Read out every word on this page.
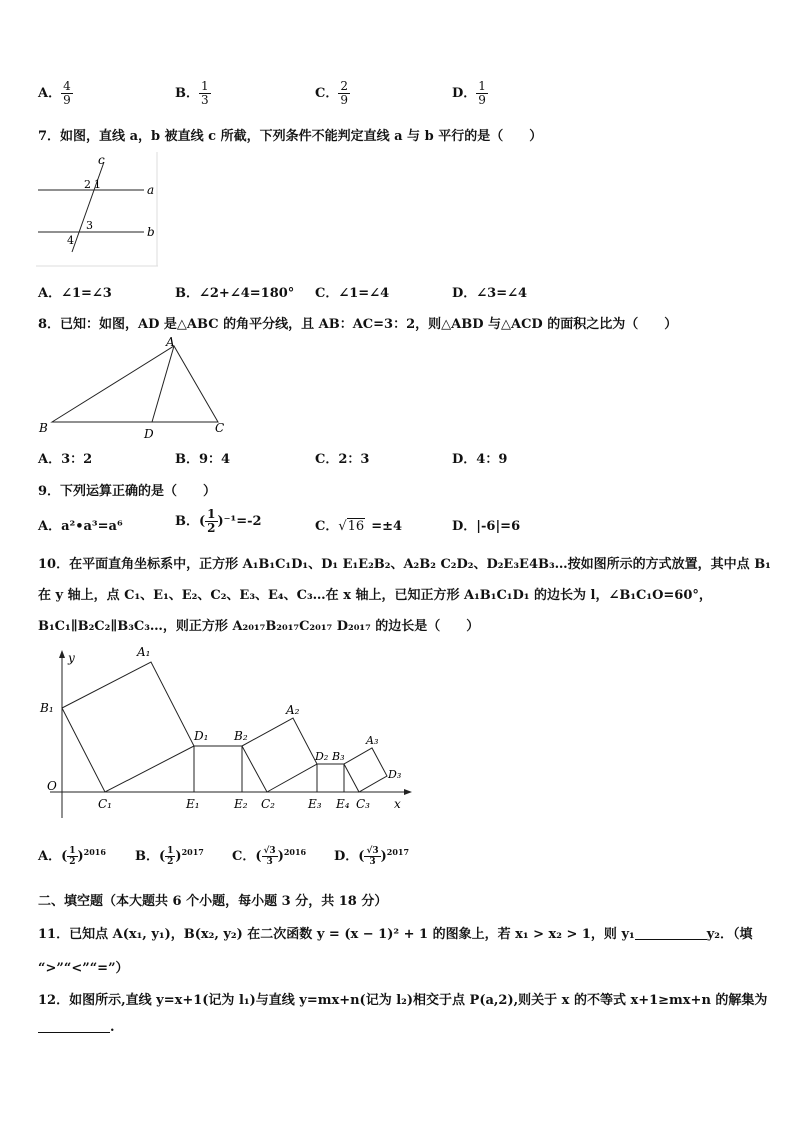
A． $\frac{4}{9}$	B． $\frac{1}{3}$	C． $\frac{2}{9}$	D． $\frac{1}{9}$
7．如图，直线 a，b 被直线 c 所截，下列条件不能判定直线 a 与 b 平行的是（　　）
c
a
b
2 1
3
4
A．∠1=∠3	B．∠2+∠4=180° C．∠1=∠4	D．∠3=∠4
8．已知：如图，AD 是△ABC 的角平分线，且 AB：AC=3：2，则△ABD 与△ACD 的面积之比为（　　）
A
B	C
D
A．3：2	B．9：4	C．2：3	D．4：9
9．下列运算正确的是（　　）
A．a²•a³=a⁶	B．( $\frac{1}{2} )^{-1}=-2$	C．√16 =±4	D．|-6|=6
10．在平面直角坐标系中，正方形 A₁B₁C₁D₁、D₁ E₁E₂B₂、A₂B₂ C₂D₂、D₂E₃E4B₃…按如图所示的方式放置，其中点 B₁
在 y 轴上，点 C₁、E₁、E₂、C₂、E₃、E₄、C₃…在 x 轴上，已知正方形 A₁B₁C₁D₁ 的边长为 l，∠B₁C₁O=60°，
B₁C₁∥B₂C₂∥B₃C₃…，则正方形 A₂₀₁₇B₂₀₁₇C₂₀₁₇ D₂₀₁₇ 的边长是（　　）
y
x
O
B₁
A₁
C₁
D₁
E₁	E₂
B₂
A₂
C₂
D₂ B₃
E₃ E₄
A₃
C₃
D₃
A．( $\frac{1}{2} )^{2016}$ B．( $\frac{1}{2} )^{2017}$ C．( $\frac{√3}{3} )^{2016}$ D．( $\frac{√3}{3} )^{2017}$
二、填空题（本大题共 6 个小题，每小题 3 分，共 18 分）
11．已知点 A(x₁, y₁)，B(x₂, y₂) 在二次函数 y = (x − 1)² + 1 的图象上，若 x₁ > x₂ > 1，则 y₁	y₂．（填
“>”“<”“=”）
12．如图所示,直线 y=x+1(记为 l₁)与直线 y=mx+n(记为 l₂)相交于点 P(a,2),则关于 x 的不等式 x+1≥mx+n 的解集为
.
